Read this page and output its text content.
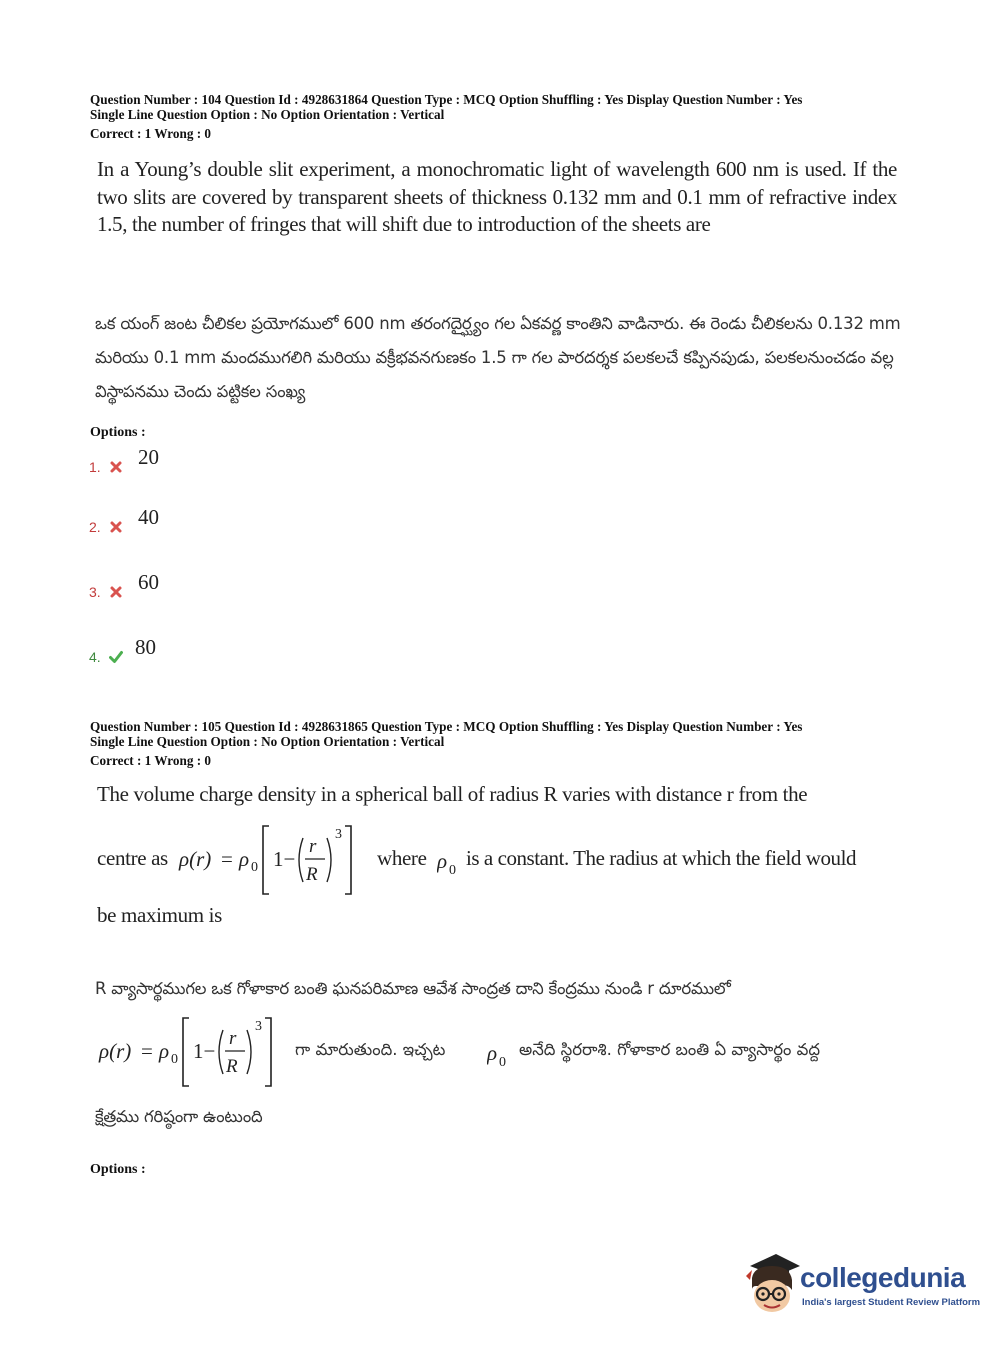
Question Number : 104 Question Id : 4928631864 Question Type : MCQ Option Shuffling : Yes Display Question Number : Yes
Single Line Question Option : No Option Orientation : Vertical
Correct : 1 Wrong : 0
In a Young’s double slit experiment, a monochromatic light of wavelength 600 nm is used. If the two slits are covered by transparent sheets of thickness 0.132 mm and 0.1 mm of refractive index 1.5, the number of fringes that will shift due to introduction of the sheets are
ఒక యంగ్ జంట చీలికల ప్రయోగములో 600 nm తరంగదైర్ఘ్యం గల ఏకవర్ణ కాంతిని వాడినారు. ఈ రెండు చీలికలను 0.132 mm మరియు 0.1 mm మందముగలిగి మరియు వక్రీభవనగుణకం 1.5 గా గల పారదర్శక పలకలచే కప్పినపుడు, పలకలనుంచడం వల్ల విస్థాపనము చెందు పట్టికల సంఖ్య
Options :
1. 20
2. 40
3. 60
4. 80
Question Number : 105 Question Id : 4928631865 Question Type : MCQ Option Shuffling : Yes Display Question Number : Yes
Single Line Question Option : No Option Orientation : Vertical
Correct : 1 Wrong : 0
The volume charge density in a spherical ball of radius R varies with distance r from the
centre as ρ(r) = ρ 0 1−
r
R
3
where ρ 0
is a constant. The radius at which the field would
be maximum is
R వ్యాసార్థముగల ఒక గోళాకార బంతి ఘనపరిమాణ ఆవేశ సాంద్రత దాని కేంద్రము నుండి r దూరములో
ρ(r) = ρ 0 1−
r
R
3
గా మారుతుంది. ఇచ్చట ρ 0
అనేది స్థిరరాశి. గోళాకార బంతి ఏ వ్యాసార్థం వద్ద
క్షేత్రము గరిష్ఠంగా ఉంటుంది
Options :
collegedunia
India's largest Student Review Platform
